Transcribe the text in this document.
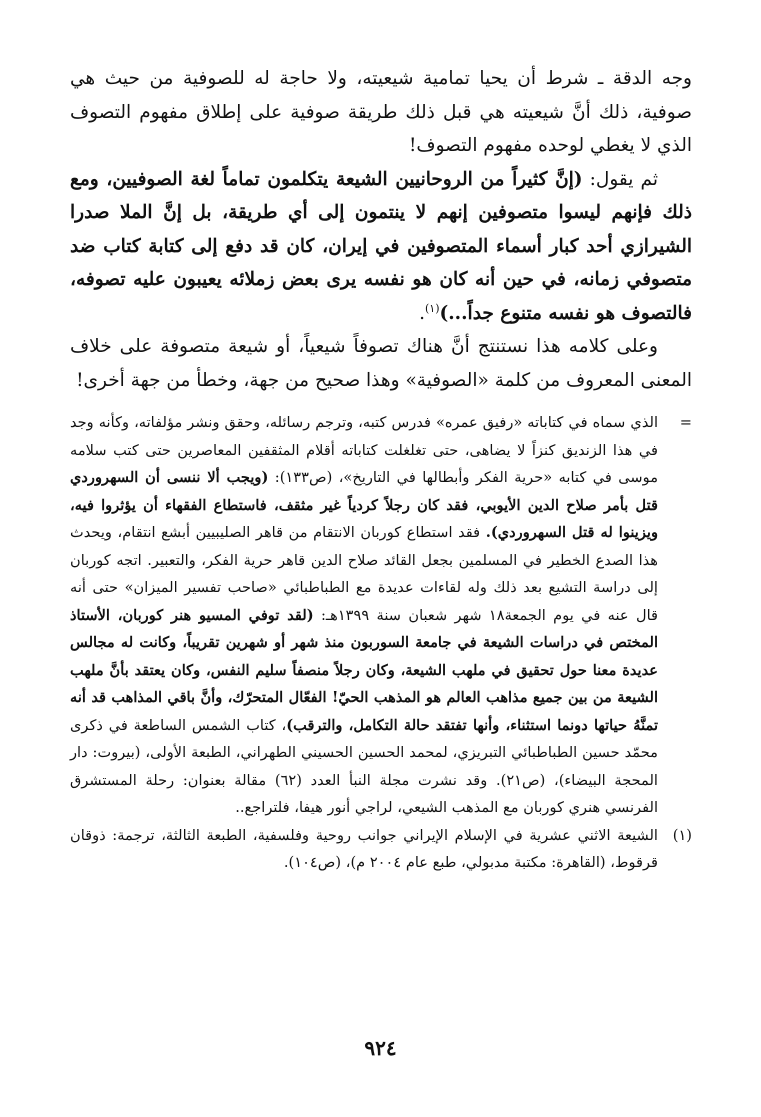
وجه الدقة ـ شرط أن يحيا تمامية شيعيته، ولا حاجة له للصوفية من حيث هي صوفية، ذلك أنَّ شيعيته هي قبل ذلك طريقة صوفية على إطلاق مفهوم التصوف الذي لا يغطي لوحده مفهوم التصوف!

ثم يقول: (إنَّ كثيراً من الروحانيين الشيعة يتكلمون تماماً لغة الصوفيين، ومع ذلك فإنهم ليسوا متصوفين إنهم لا ينتمون إلى أي طريقة، بل إنَّ الملا صدرا الشيرازي أحد كبار أسماء المتصوفين في إيران، كان قد دفع إلى كتابة كتاب ضد متصوفي زمانه، في حين أنه كان هو نفسه يرى بعض زملائه يعيبون عليه تصوفه، فالتصوف هو نفسه متنوع جداً...)$^{(١)}$.

وعلى كلامه هذا نستنتج أنَّ هناك تصوفاً شيعياً، أو شيعة متصوفة على خلاف المعنى المعروف من كلمة «الصوفية» وهذا صحيح من جهة، وخطأ من جهة أخرى!

=
الذي سماه في كتاباته «رفيق عمره» فدرس كتبه، وترجم رسائله، وحقق ونشر مؤلفاته، وكأنه وجد في هذا الزنديق كنزاً لا يضاهى، حتى تغلغلت كتاباته أقلام المثقفين المعاصرين حتى كتب سلامه موسى في كتابه «حرية الفكر وأبطالها في التاريخ»، (ص١٣٣): (ويجب ألا ننسى أن السهروردي قتل بأمر صلاح الدين الأيوبي، فقد كان رجلاً كردياً غير مثقف، فاستطاع الفقهاء أن يؤثروا فيه، ويزينوا له قتل السهروردي). فقد استطاع كوربان الانتقام من قاهر الصليبيين أبشع انتقام، ويحدث هذا الصدع الخطير في المسلمين بجعل القائد صلاح الدين قاهر حرية الفكر، والتعبير. اتجه كوربان إلى دراسة التشيع بعد ذلك وله لقاءات عديدة مع الطباطبائي «صاحب تفسير الميزان» حتى أنه قال عنه في يوم الجمعة١٨ شهر شعبان سنة ١٣٩٩هـ: (لقد توفي المسيو هنر كوربان، الأستاذ المختص في دراسات الشيعة في جامعة السوربون منذ شهر أو شهرين تقريباً، وكانت له مجالس عديدة معنا حول تحقيق في ملهب الشيعة، وكان رجلاً منصفاً سليم النفس، وكان يعتقد بأنَّ ملهب الشيعة من بين جميع مذاهب العالم هو المذهب الحيّ! الفعّال المتحرّك، وأنَّ باقي المذاهب قد أنه تمنَّهُ حياتها دونما استثناء، وأنها تفتقد حالة التكامل، والترقب)، كتاب الشمس الساطعة في ذكرى محمّد حسين الطباطبائي التبريزي، لمحمد الحسين الحسيني الطهراني، الطبعة الأولى، (بيروت: دار المحجة البيضاء)، (ص٢١). وقد نشرت مجلة النبأ العدد (٦٢) مقالة بعنوان: رحلة المستشرق الفرنسي هنري كوربان مع المذهب الشيعي، لراجي أنور هيفا، فلتراجع..
(١)
الشيعة الاثني عشرية في الإسلام الإيراني جوانب روحية وفلسفية، الطبعة الثالثة، ترجمة: ذوقان قرقوط، (القاهرة: مكتبة مدبولي، طبع عام ٢٠٠٤ م)، (ص١٠٤).
٩٢٤
